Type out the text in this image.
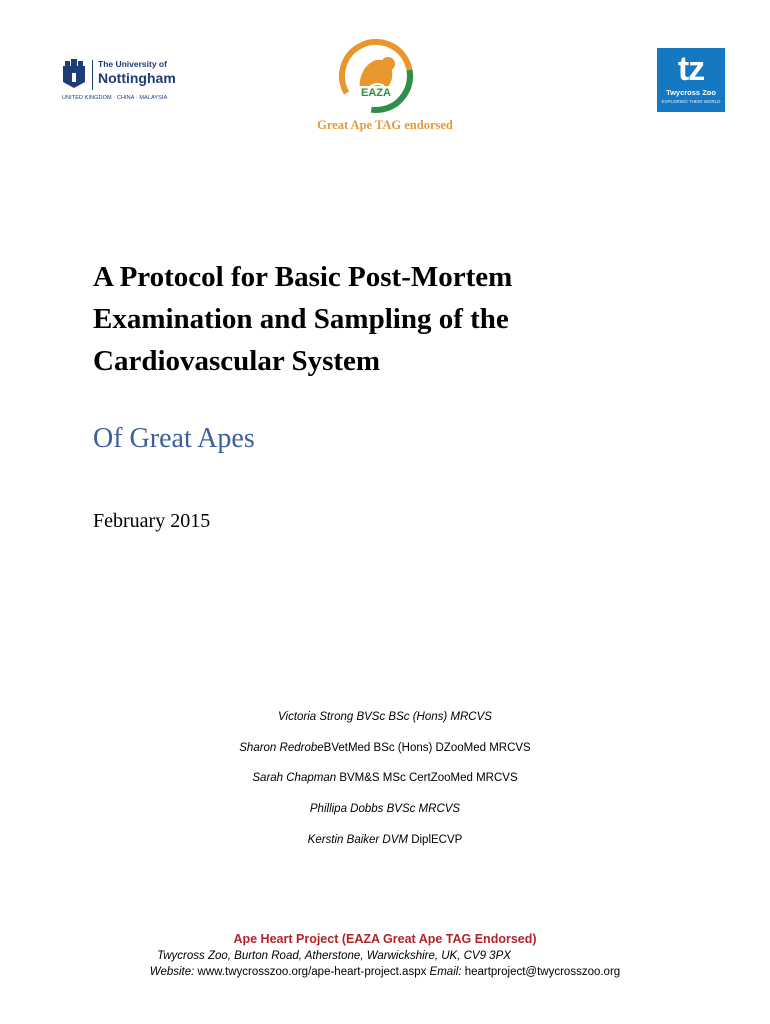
The University of
Nottingham
UNITED KINGDOM · CHINA · MALAYSIA	EAZA
Great Ape TAG endorsed
tz
Twycross Zoo
EXPLORING THEIR WORLD
A Protocol for Basic Post-Mortem Examination and Sampling of the Cardiovascular System
Of Great Apes
February 2015
Victoria Strong BVSc BSc (Hons) MRCVS
Sharon RedrobeBVetMed BSc (Hons) DZooMed MRCVS
Sarah Chapman BVM&S MSc CertZooMed MRCVS
Phillipa Dobbs BVSc MRCVS
Kerstin Baiker DVM DiplECVP
Ape Heart Project (EAZA Great Ape TAG Endorsed)
Twycross Zoo, Burton Road, Atherstone, Warwickshire, UK, CV9 3PX
Website: www.twycrosszoo.org/ape-heart-project.aspx Email: heartproject@twycrosszoo.org
